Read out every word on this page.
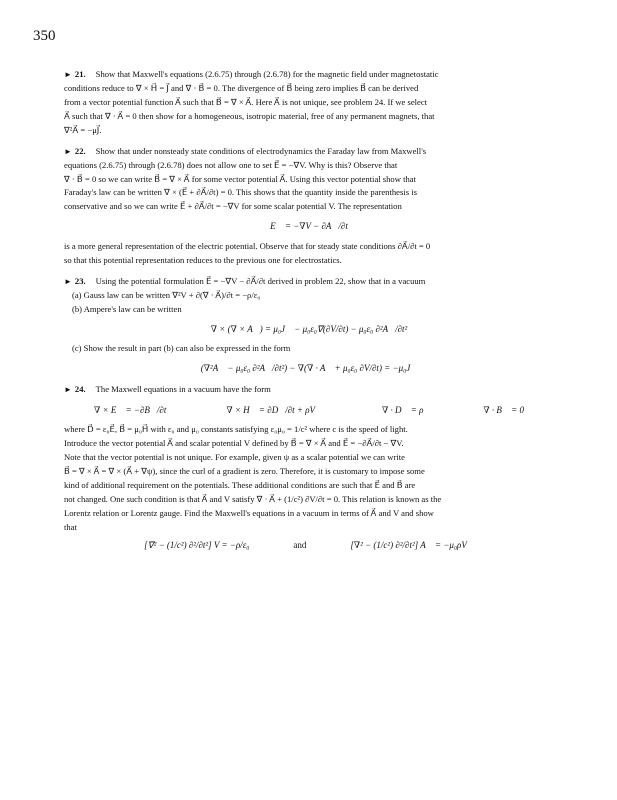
350
► 21. Show that Maxwell's equations (2.6.75) through (2.6.78) for the magnetic field under magnetostatic
conditions reduce to ∇ × H⃗ = J⃗ and ∇ · B⃗ = 0. The divergence of B⃗ being zero implies B⃗ can be derived
from a vector potential function A⃗ such that B⃗ = ∇ × A⃗. Here A⃗ is not unique, see problem 24. If we select
A⃗ such that ∇ · A⃗ = 0 then show for a homogeneous, isotropic material, free of any permanent magnets, that
∇²A⃗ = −μJ⃗.
► 22. Show that under nonsteady state conditions of electrodynamics the Faraday law from Maxwell's
equations (2.6.75) through (2.6.78) does not allow one to set E⃗ = −∇V. Why is this? Observe that
∇ · B⃗ = 0 so we can write B⃗ = ∇ × A⃗ for some vector potential A⃗. Using this vector potential show that
Faraday's law can be written ∇ × (E⃗ + ∂A⃗/∂t) = 0. This shows that the quantity inside the parenthesis is
conservative and so we can write E⃗ + ∂A⃗/∂t = −∇V for some scalar potential V. The representation
E⃗ = −∇V − ∂A⃗/∂t
is a more general representation of the electric potential. Observe that for steady state conditions ∂A⃗/∂t = 0
so that this potential representation reduces to the previous one for electrostatics.
► 23. Using the potential formulation E⃗ = −∇V − ∂A⃗/∂t derived in problem 22, show that in a vacuum
(a) Gauss law can be written ∇²V + ∂(∇ · A⃗)/∂t = −ρ/ε₀
(b) Ampere's law can be written
∇ × (∇ × A⃗) = μ₀J⃗ − μ₀ε₀∇(∂V/∂t) − μ₀ε₀ ∂²A⃗/∂t²
(c) Show the result in part (b) can also be expressed in the form
(∇²A⃗ − μ₀ε₀ ∂²A⃗/∂t²) − ∇(∇ · A⃗ + μ₀ε₀ ∂V/∂t) = −μ₀J⃗
► 24. The Maxwell equations in a vacuum have the form
∇ × E⃗ = −∂B⃗/∂t	∇ × H⃗ = ∂D⃗/∂t + ρV⃗	∇ · D⃗ = ρ	∇ · B⃗ = 0
where D⃗ = ε₀E⃗, B⃗ = μ₀H⃗ with ε₀ and μ₀ constants satisfying ε₀μ₀ = 1/c² where c is the speed of light.
Introduce the vector potential A⃗ and scalar potential V defined by B⃗ = ∇ × A⃗ and E⃗ = −∂A⃗/∂t − ∇V.
Note that the vector potential is not unique. For example, given ψ as a scalar potential we can write
B⃗ = ∇ × A⃗ = ∇ × (A⃗ + ∇ψ), since the curl of a gradient is zero. Therefore, it is customary to impose some
kind of additional requirement on the potentials. These additional conditions are such that E⃗ and B⃗ are
not changed. One such condition is that A⃗ and V satisfy ∇ · A⃗ + (1/c²) ∂V/∂t = 0. This relation is known as the
Lorentz relation or Lorentz gauge. Find the Maxwell's equations in a vacuum in terms of A⃗ and V and show
that
[∇² − (1/c²) ∂²/∂t²] V = −ρ/ε₀	and	[∇² − (1/c²) ∂²/∂t²] A⃗ = −μ₀ρV⃗
